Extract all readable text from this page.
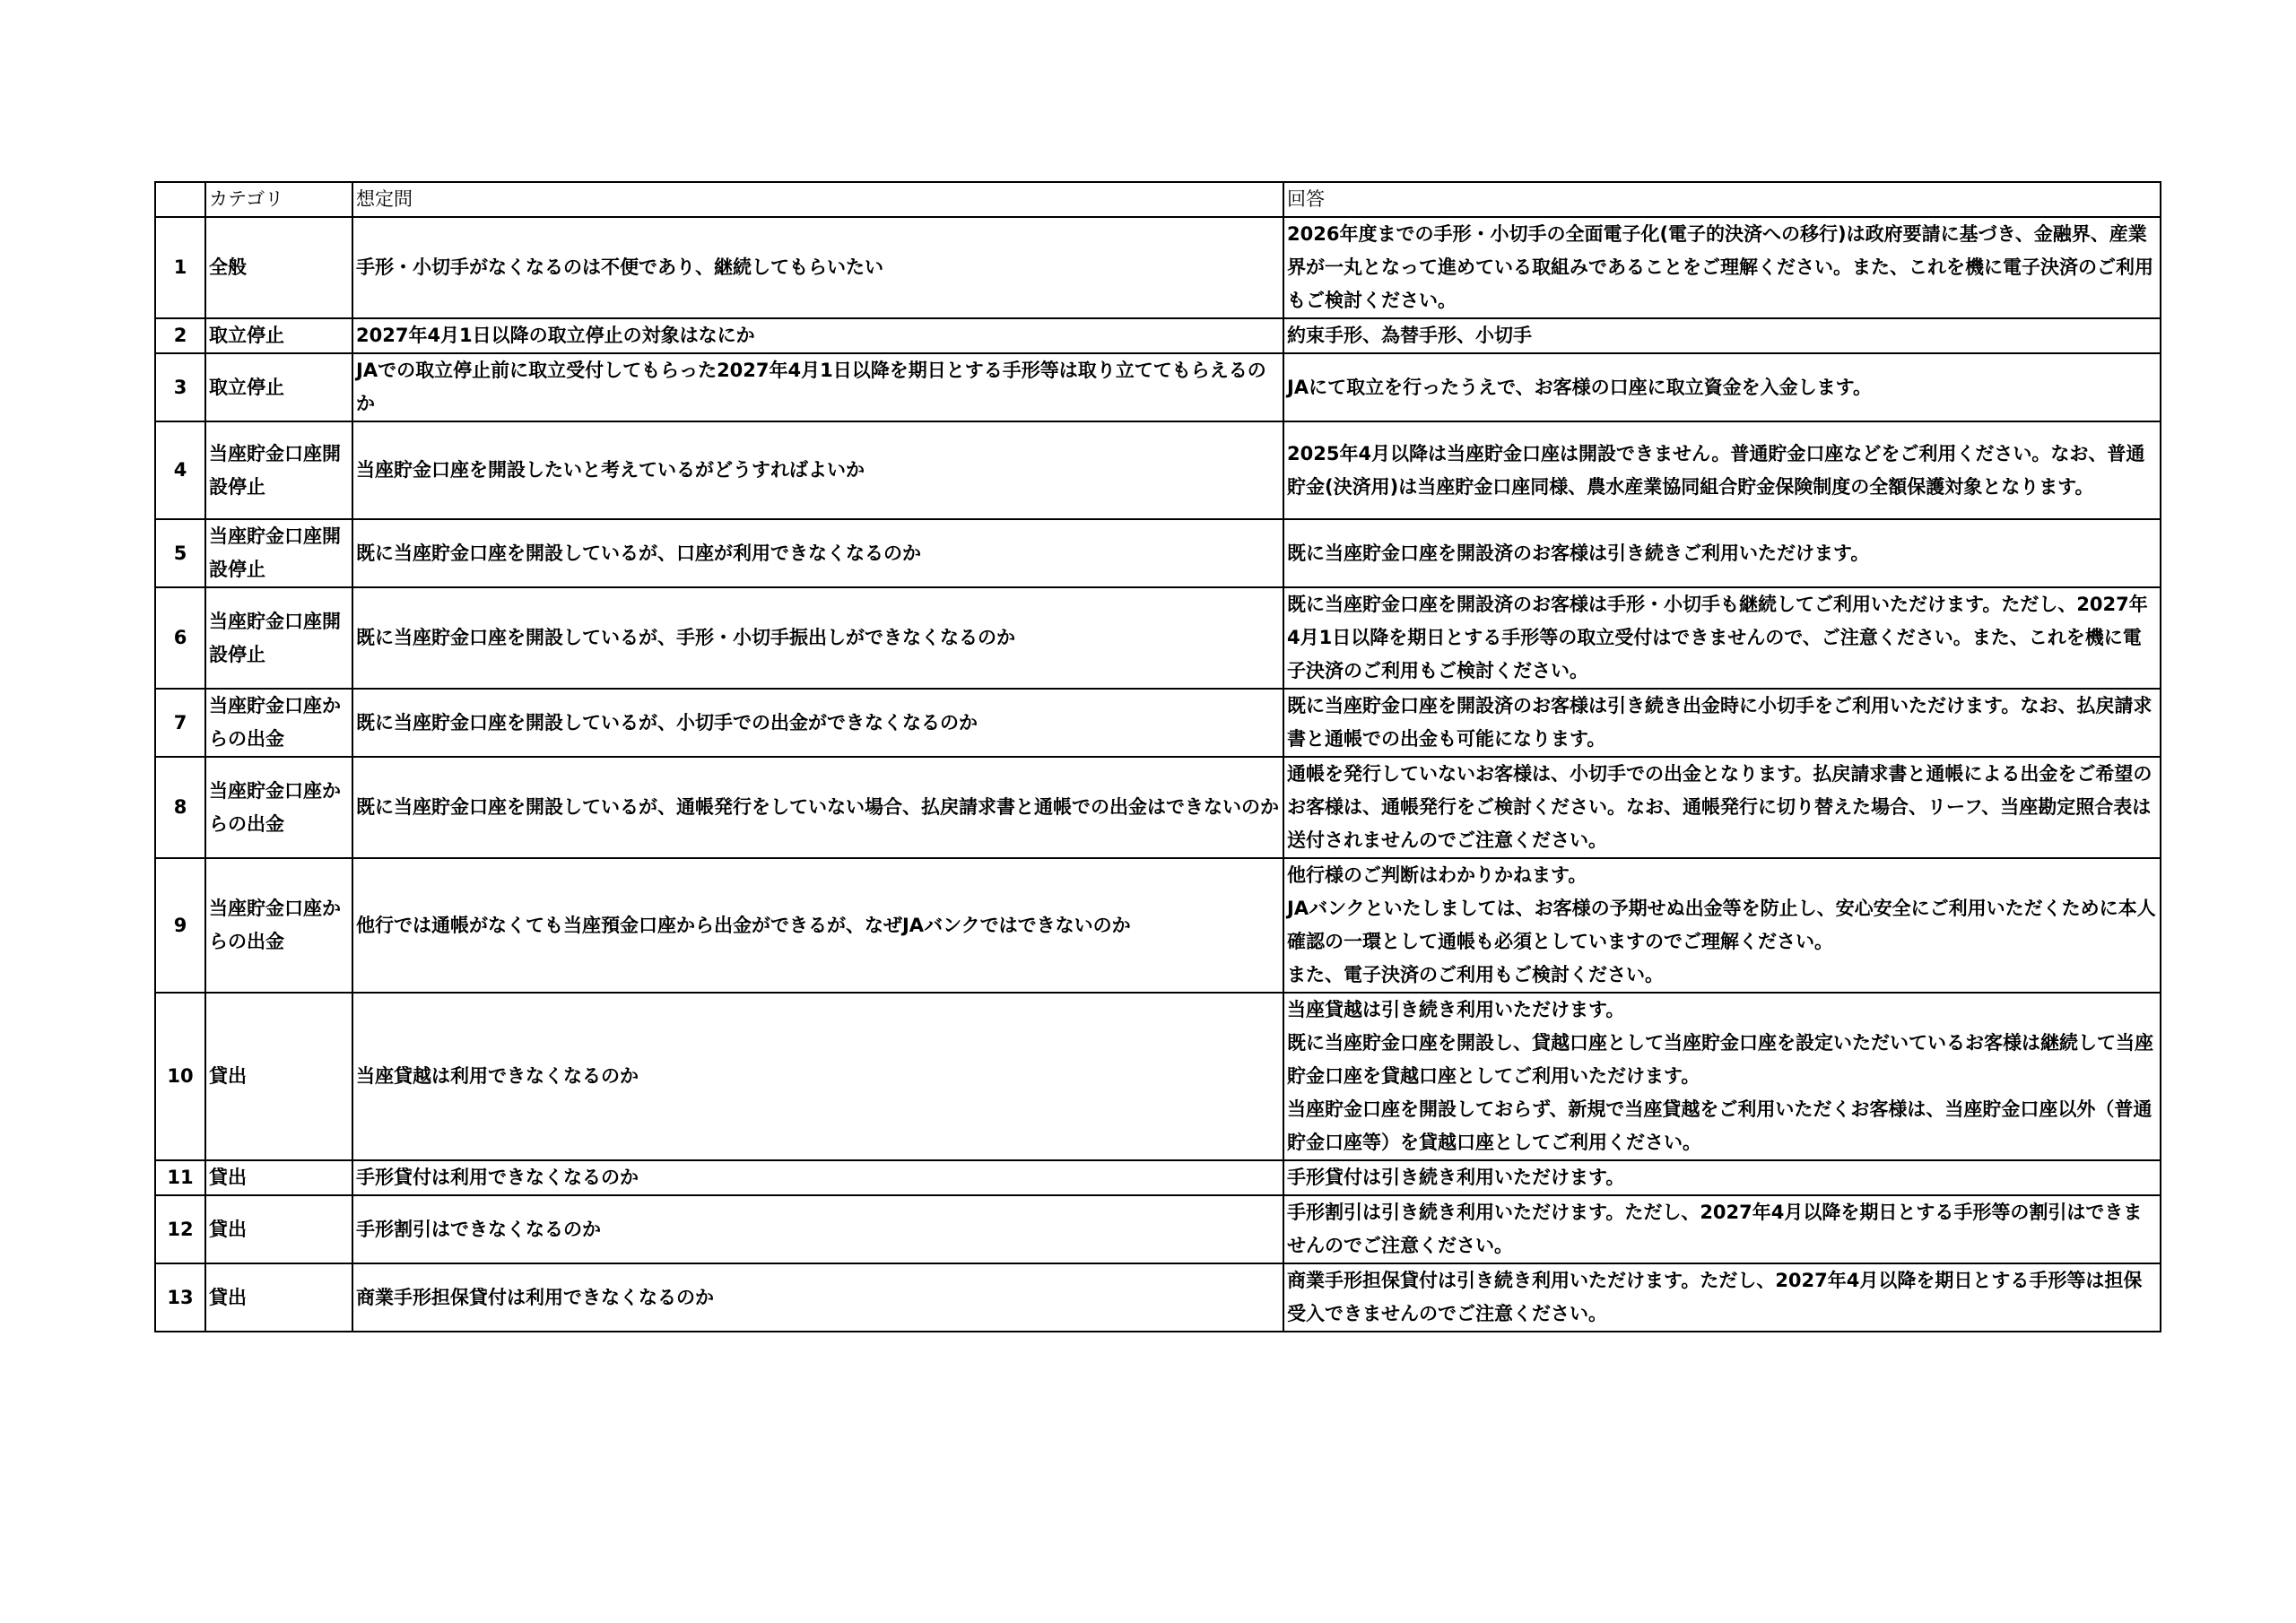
	カテゴリ	想定問	回答
1	全般	手形・小切手がなくなるのは不便であり、継続してもらいたい	2026年度までの手形・小切手の全面電子化(電子的決済への移行)は政府要請に基づき、金融界、産業界が一丸となって進めている取組みであることをご理解ください。また、これを機に電子決済のご利用もご検討ください。
2	取立停止	2027年4月1日以降の取立停止の対象はなにか	約束手形、為替手形、小切手
3	取立停止	JAでの取立停止前に取立受付してもらった2027年4月1日以降を期日とする手形等は取り立ててもらえるのか	JAにて取立を行ったうえで、お客様の口座に取立資金を入金します。
4	当座貯金口座開設停止	当座貯金口座を開設したいと考えているがどうすればよいか	2025年4月以降は当座貯金口座は開設できません。普通貯金口座などをご利用ください。なお、普通貯金(決済用)は当座貯金口座同様、農水産業協同組合貯金保険制度の全額保護対象となります。
5	当座貯金口座開設停止	既に当座貯金口座を開設しているが、口座が利用できなくなるのか	既に当座貯金口座を開設済のお客様は引き続きご利用いただけます。
6	当座貯金口座開設停止	既に当座貯金口座を開設しているが、手形・小切手振出しができなくなるのか	既に当座貯金口座を開設済のお客様は手形・小切手も継続してご利用いただけます。ただし、2027年4月1日以降を期日とする手形等の取立受付はできませんので、ご注意ください。また、これを機に電子決済のご利用もご検討ください。
7	当座貯金口座からの出金	既に当座貯金口座を開設しているが、小切手での出金ができなくなるのか	既に当座貯金口座を開設済のお客様は引き続き出金時に小切手をご利用いただけます。なお、払戻請求書と通帳での出金も可能になります。
8	当座貯金口座からの出金	既に当座貯金口座を開設しているが、通帳発行をしていない場合、払戻請求書と通帳での出金はできないのか	通帳を発行していないお客様は、小切手での出金となります。払戻請求書と通帳による出金をご希望のお客様は、通帳発行をご検討ください。なお、通帳発行に切り替えた場合、リーフ、当座勘定照合表は送付されませんのでご注意ください。
9	当座貯金口座からの出金	他行では通帳がなくても当座預金口座から出金ができるが、なぜJAバンクではできないのか	他行様のご判断はわかりかねます。
JAバンクといたしましては、お客様の予期せぬ出金等を防止し、安心安全にご利用いただくために本人確認の一環として通帳も必須としていますのでご理解ください。
また、電子決済のご利用もご検討ください。

10	貸出	当座貸越は利用できなくなるのか	当座貸越は引き続き利用いただけます。
既に当座貯金口座を開設し、貸越口座として当座貯金口座を設定いただいているお客様は継続して当座貯金口座を貸越口座としてご利用いただけます。
当座貯金口座を開設しておらず、新規で当座貸越をご利用いただくお客様は、当座貯金口座以外（普通貯金口座等）を貸越口座としてご利用ください。

11	貸出	手形貸付は利用できなくなるのか	手形貸付は引き続き利用いただけます。
12	貸出	手形割引はできなくなるのか	手形割引は引き続き利用いただけます。ただし、2027年4月以降を期日とする手形等の割引はできませんのでご注意ください。
13	貸出	商業手形担保貸付は利用できなくなるのか	商業手形担保貸付は引き続き利用いただけます。ただし、2027年4月以降を期日とする手形等は担保受入できませんのでご注意ください。
